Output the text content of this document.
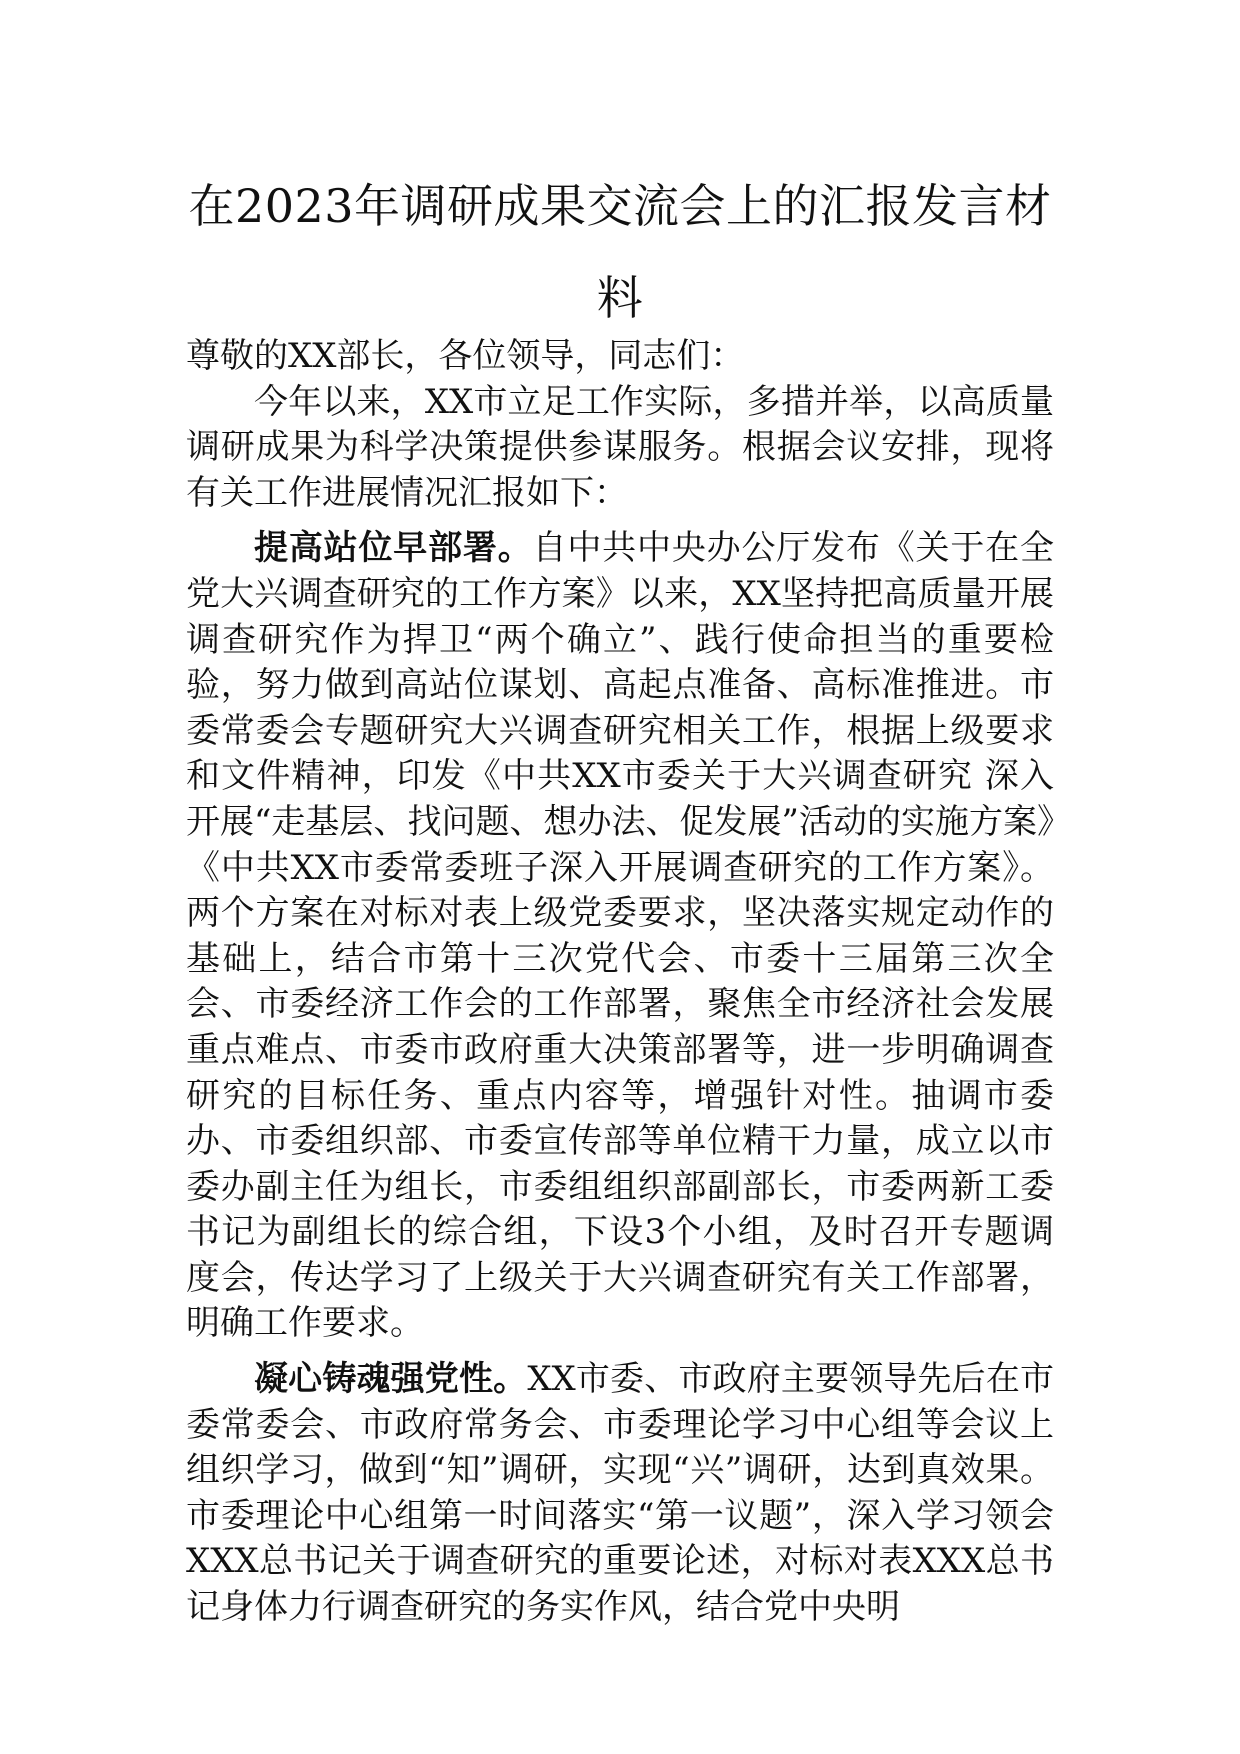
在2023年调研成果交流会上的汇报发言材料

尊敬的XX部长，各位领导，同志们：

今年以来，XX市立足工作实际，多措并举，以高质量调研成果为科学决策提供参谋服务。根据会议安排，现将有关工作进展情况汇报如下：

提高站位早部署。自中共中央办公厅发布《关于在全党大兴调查研究的工作方案》以来，XX坚持把高质量开展调查研究作为捍卫“两个确立”、践行使命担当的重要检验，努力做到高站位谋划、高起点准备、高标准推进。市委常委会专题研究大兴调查研究相关工作，根据上级要求和文件精神，印发《中共XX市委关于大兴调查研究 深入开展“走基层、找问题、想办法、促发展”活动的实施方案》《中共XX市委常委班子深入开展调查研究的工作方案》。两个方案在对标对表上级党委要求，坚决落实规定动作的基础上，结合市第十三次党代会、市委十三届第三次全会、市委经济工作会的工作部署，聚焦全市经济社会发展重点难点、市委市政府重大决策部署等，进一步明确调查研究的目标任务、重点内容等，增强针对性。抽调市委办、市委组织部、市委宣传部等单位精干力量，成立以市委办副主任为组长，市委组组织部副部长，市委两新工委书记为副组长的综合组，下设3个小组，及时召开专题调度会，传达学习了上级关于大兴调查研究有关工作部署，明确工作要求。

凝心铸魂强党性。XX市委、市政府主要领导先后在市委常委会、市政府常务会、市委理论学习中心组等会议上组织学习，做到“知”调研，实现“兴”调研，达到真效果。市委理论中心组第一时间落实“第一议题”，深入学习领会XXX总书记关于调查研究的重要论述，对标对表XXX总书记身体力行调查研究的务实作风，结合党中央明
